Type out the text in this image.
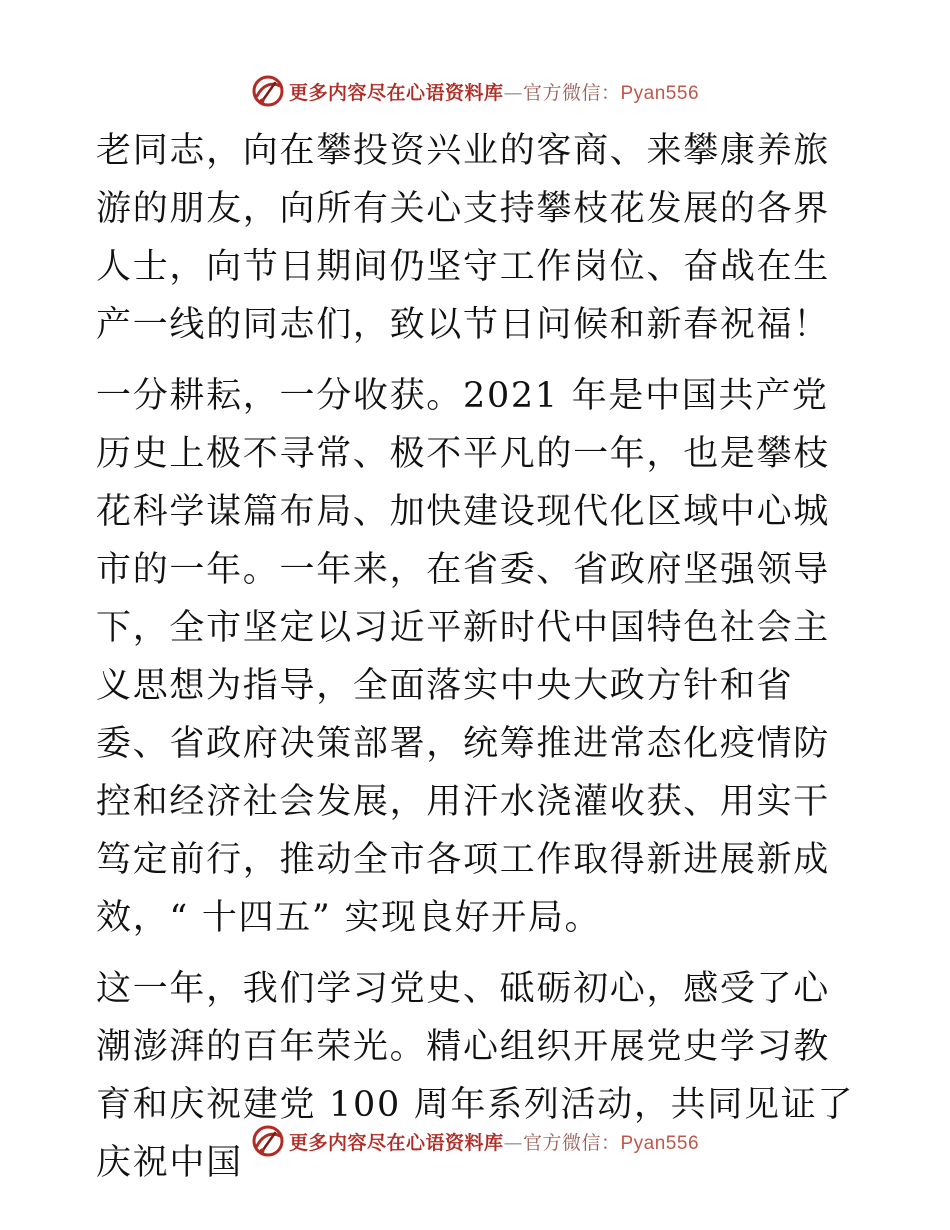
更多内容尽在心语资料库—官方微信：Pyan556

老同志，向在攀投资兴业的客商、来攀康养旅游的朋友，向所有关心支持攀枝花发展的各界人士，向节日期间仍坚守工作岗位、奋战在生产一线的同志们，致以节日问候和新春祝福！

一分耕耘，一分收获。2021 年是中国共产党历史上极不寻常、极不平凡的一年，也是攀枝花科学谋篇布局、加快建设现代化区域中心城市的一年。一年来，在省委、省政府坚强领导下，全市坚定以习近平新时代中国特色社会主义思想为指导，全面落实中央大政方针和省委、省政府决策部署，统筹推进常态化疫情防控和经济社会发展，用汗水浇灌收获、用实干笃定前行，推动全市各项工作取得新进展新成效，“ 十四五” 实现良好开局。

这一年，我们学习党史、砥砺初心，感受了心潮澎湃的百年荣光。精心组织开展党史学习教育和庆祝建党 100 周年系列活动，共同见证了庆祝中国

更多内容尽在心语资料库—官方微信：Pyan556
